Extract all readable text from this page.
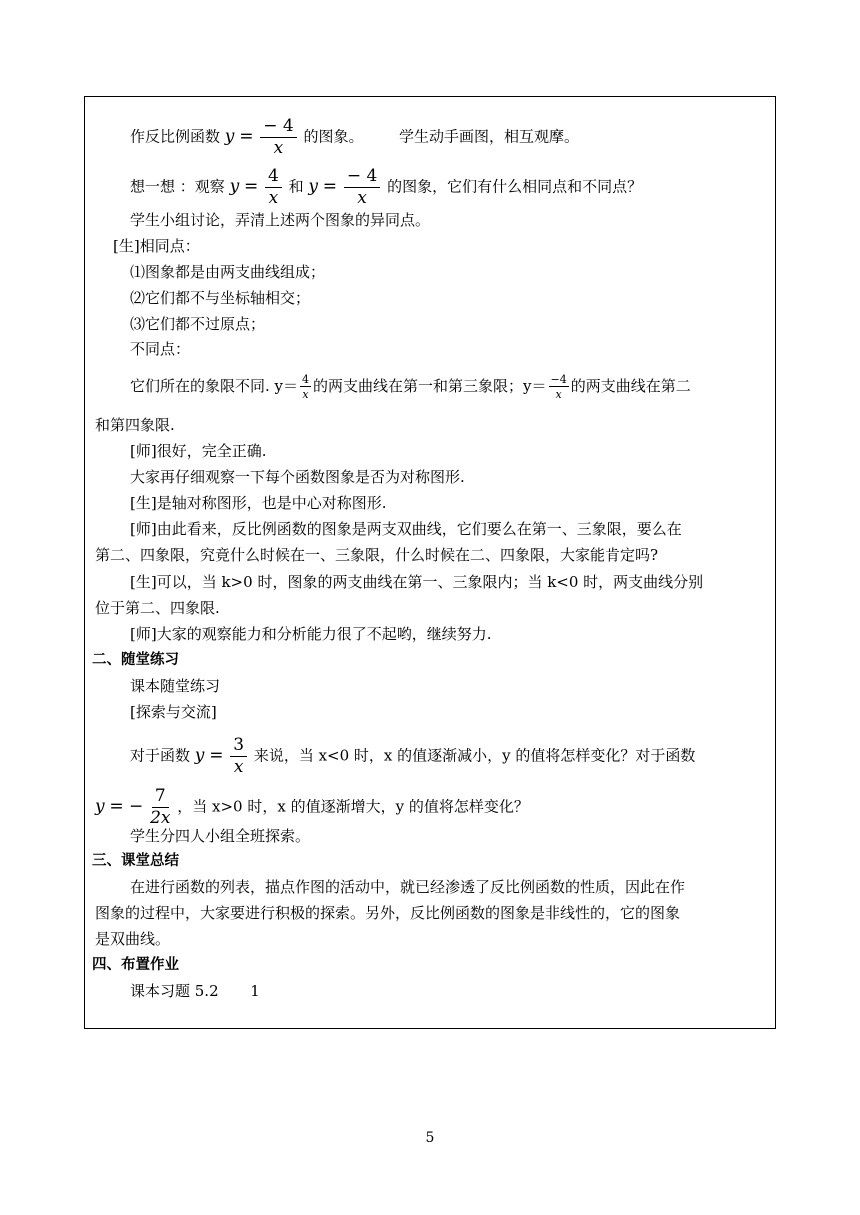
作反比例函数 $y = \frac{- 4}{x}$ 的图象。 学生动手画图，相互观摩。
想一想 ：观察 $y = \frac{4}{x}$ 和 $y = \frac{- 4}{x}$ 的图象，它们有什么相同点和不同点？
学生小组讨论，弄清上述两个图象的异同点。
[生]相同点：
⑴图象都是由两支曲线组成；
⑵它们都不与坐标轴相交；
⑶它们都不过原点；
不同点：
它们所在的象限不同. $y= \frac{4}{x}$ 的两支曲线在第一和第三象限；$y= \frac{-4}{x}$ 的两支曲线在第二
和第四象限.
[师]很好，完全正确.
大家再仔细观察一下每个函数图象是否为对称图形.
[生]是轴对称图形，也是中心对称图形.
[师]由此看来，反比例函数的图象是两支双曲线，它们要么在第一、三象限，要么在
第二、四象限，究竟什么时候在一、三象限，什么时候在二、四象限，大家能肯定吗?
[生]可以，当 k>0 时，图象的两支曲线在第一、三象限内；当 k<0 时，两支曲线分别
位于第二、四象限.
[师]大家的观察能力和分析能力很了不起哟，继续努力.
二、随堂练习
课本随堂练习
[探索与交流]
对于函数 $y = \frac{3}{x}$ 来说，当 x<0 时，x 的值逐渐减小，y 的值将怎样变化？对于函数
y = − $\frac{7}{2x}$ ，当 x>0 时，x 的值逐渐增大，y 的值将怎样变化？
学生分四人小组全班探索。
三、课堂总结
在进行函数的列表，描点作图的活动中，就已经渗透了反比例函数的性质，因此在作
图象的过程中，大家要进行积极的探索。另外，反比例函数的图象是非线性的，它的图象
是双曲线。
四、布置作业
课本习题 5.2 1
5
